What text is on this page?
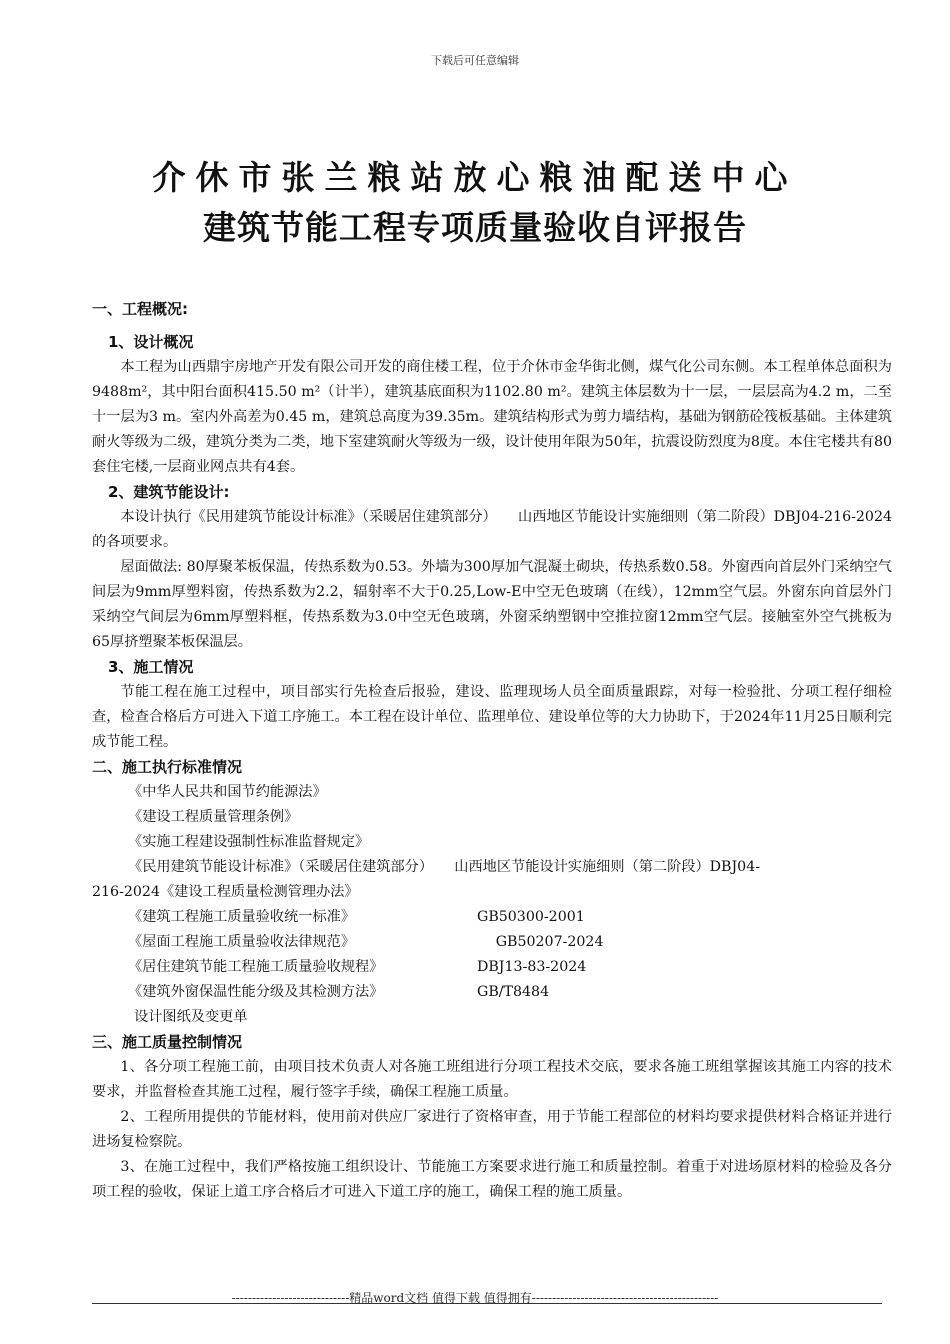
下载后可任意编辑
介休市张兰粮站放心粮油配送中心
建筑节能工程专项质量验收自评报告
一、工程概况:
1、设计概况

本工程为山西鼎宇房地产开发有限公司开发的商住楼工程，位于介休市金华街北侧，煤气化公司东侧。本工程单体总面积为9488m²，其中阳台面积415.50 m²（计半），建筑基底面积为1102.80 m²。建筑主体层数为十一层，一层层高为4.2 m，二至十一层为3 m。室内外高差为0.45 m，建筑总高度为39.35m。建筑结构形式为剪力墙结构，基础为钢筋砼筏板基础。主体建筑耐火等级为二级，建筑分类为二类，地下室建筑耐火等级为一级，设计使用年限为50年，抗震设防烈度为8度。本住宅楼共有80套住宅楼,一层商业网点共有4套。

2、建筑节能设计:

本设计执行《民用建筑节能设计标准》（采暖居住建筑部分）　　山西地区节能设计实施细则（第二阶段）DBJ04-216-2024的各项要求。

屋面做法: 80厚聚苯板保温，传热系数为0.53。外墙为300厚加气混凝土砌块，传热系数0.58。外窗西向首层外门采纳空气间层为9mm厚塑料窗，传热系数为2.2，辐射率不大于0.25,Low-E中空无色玻璃（在线），12mm空气层。外窗东向首层外门采纳空气间层为6mm厚塑料框，传热系数为3.0中空无色玻璃，外窗采纳塑钢中空推拉窗12mm空气层。接触室外空气挑板为65厚挤塑聚苯板保温层。

3、施工情况

节能工程在施工过程中，项目部实行先检查后报验，建设、监理现场人员全面质量跟踪，对每一检验批、分项工程仔细检查，检查合格后方可进入下道工序施工。本工程在设计单位、监理单位、建设单位等的大力协助下，于2024年11月25日顺利完成节能工程。

二、施工执行标准情况
《中华人民共和国节约能源法》
《建设工程质量管理条例》
《实施工程建设强制性标准监督规定》
《民用建筑节能设计标准》（采暖居住建筑部分）　　山西地区节能设计实施细则（第二阶段）DBJ04-
216-2024《建设工程质量检测管理办法》
《建筑工程施工质量验收统一标准》	GB50300-2001
《屋面工程施工质量验收法律规范》	　 GB50207-2024
《居住建筑节能工程施工质量验收规程》	DBJ13-83-2024
《建筑外窗保温性能分级及其检测方法》	GB/T8484
设计图纸及变更单
三、施工质量控制情况

1、各分项工程施工前，由项目技术负责人对各施工班组进行分项工程技术交底，要求各施工班组掌握该其施工内容的技术要求，并监督检查其施工过程，履行签字手续，确保工程施工质量。

2、工程所用提供的节能材料，使用前对供应厂家进行了资格审查，用于节能工程部位的材料均要求提供材料合格证并进行进场复检察院。

3、在施工过程中，我们严格按施工组织设计、节能施工方案要求进行施工和质量控制。着重于对进场原材料的检验及各分项工程的验收，保证上道工序合格后才可进入下道工序的施工，确保工程的施工质量。

-----------------------------精品word文档 值得下载 值得拥有----------------------------------------------
